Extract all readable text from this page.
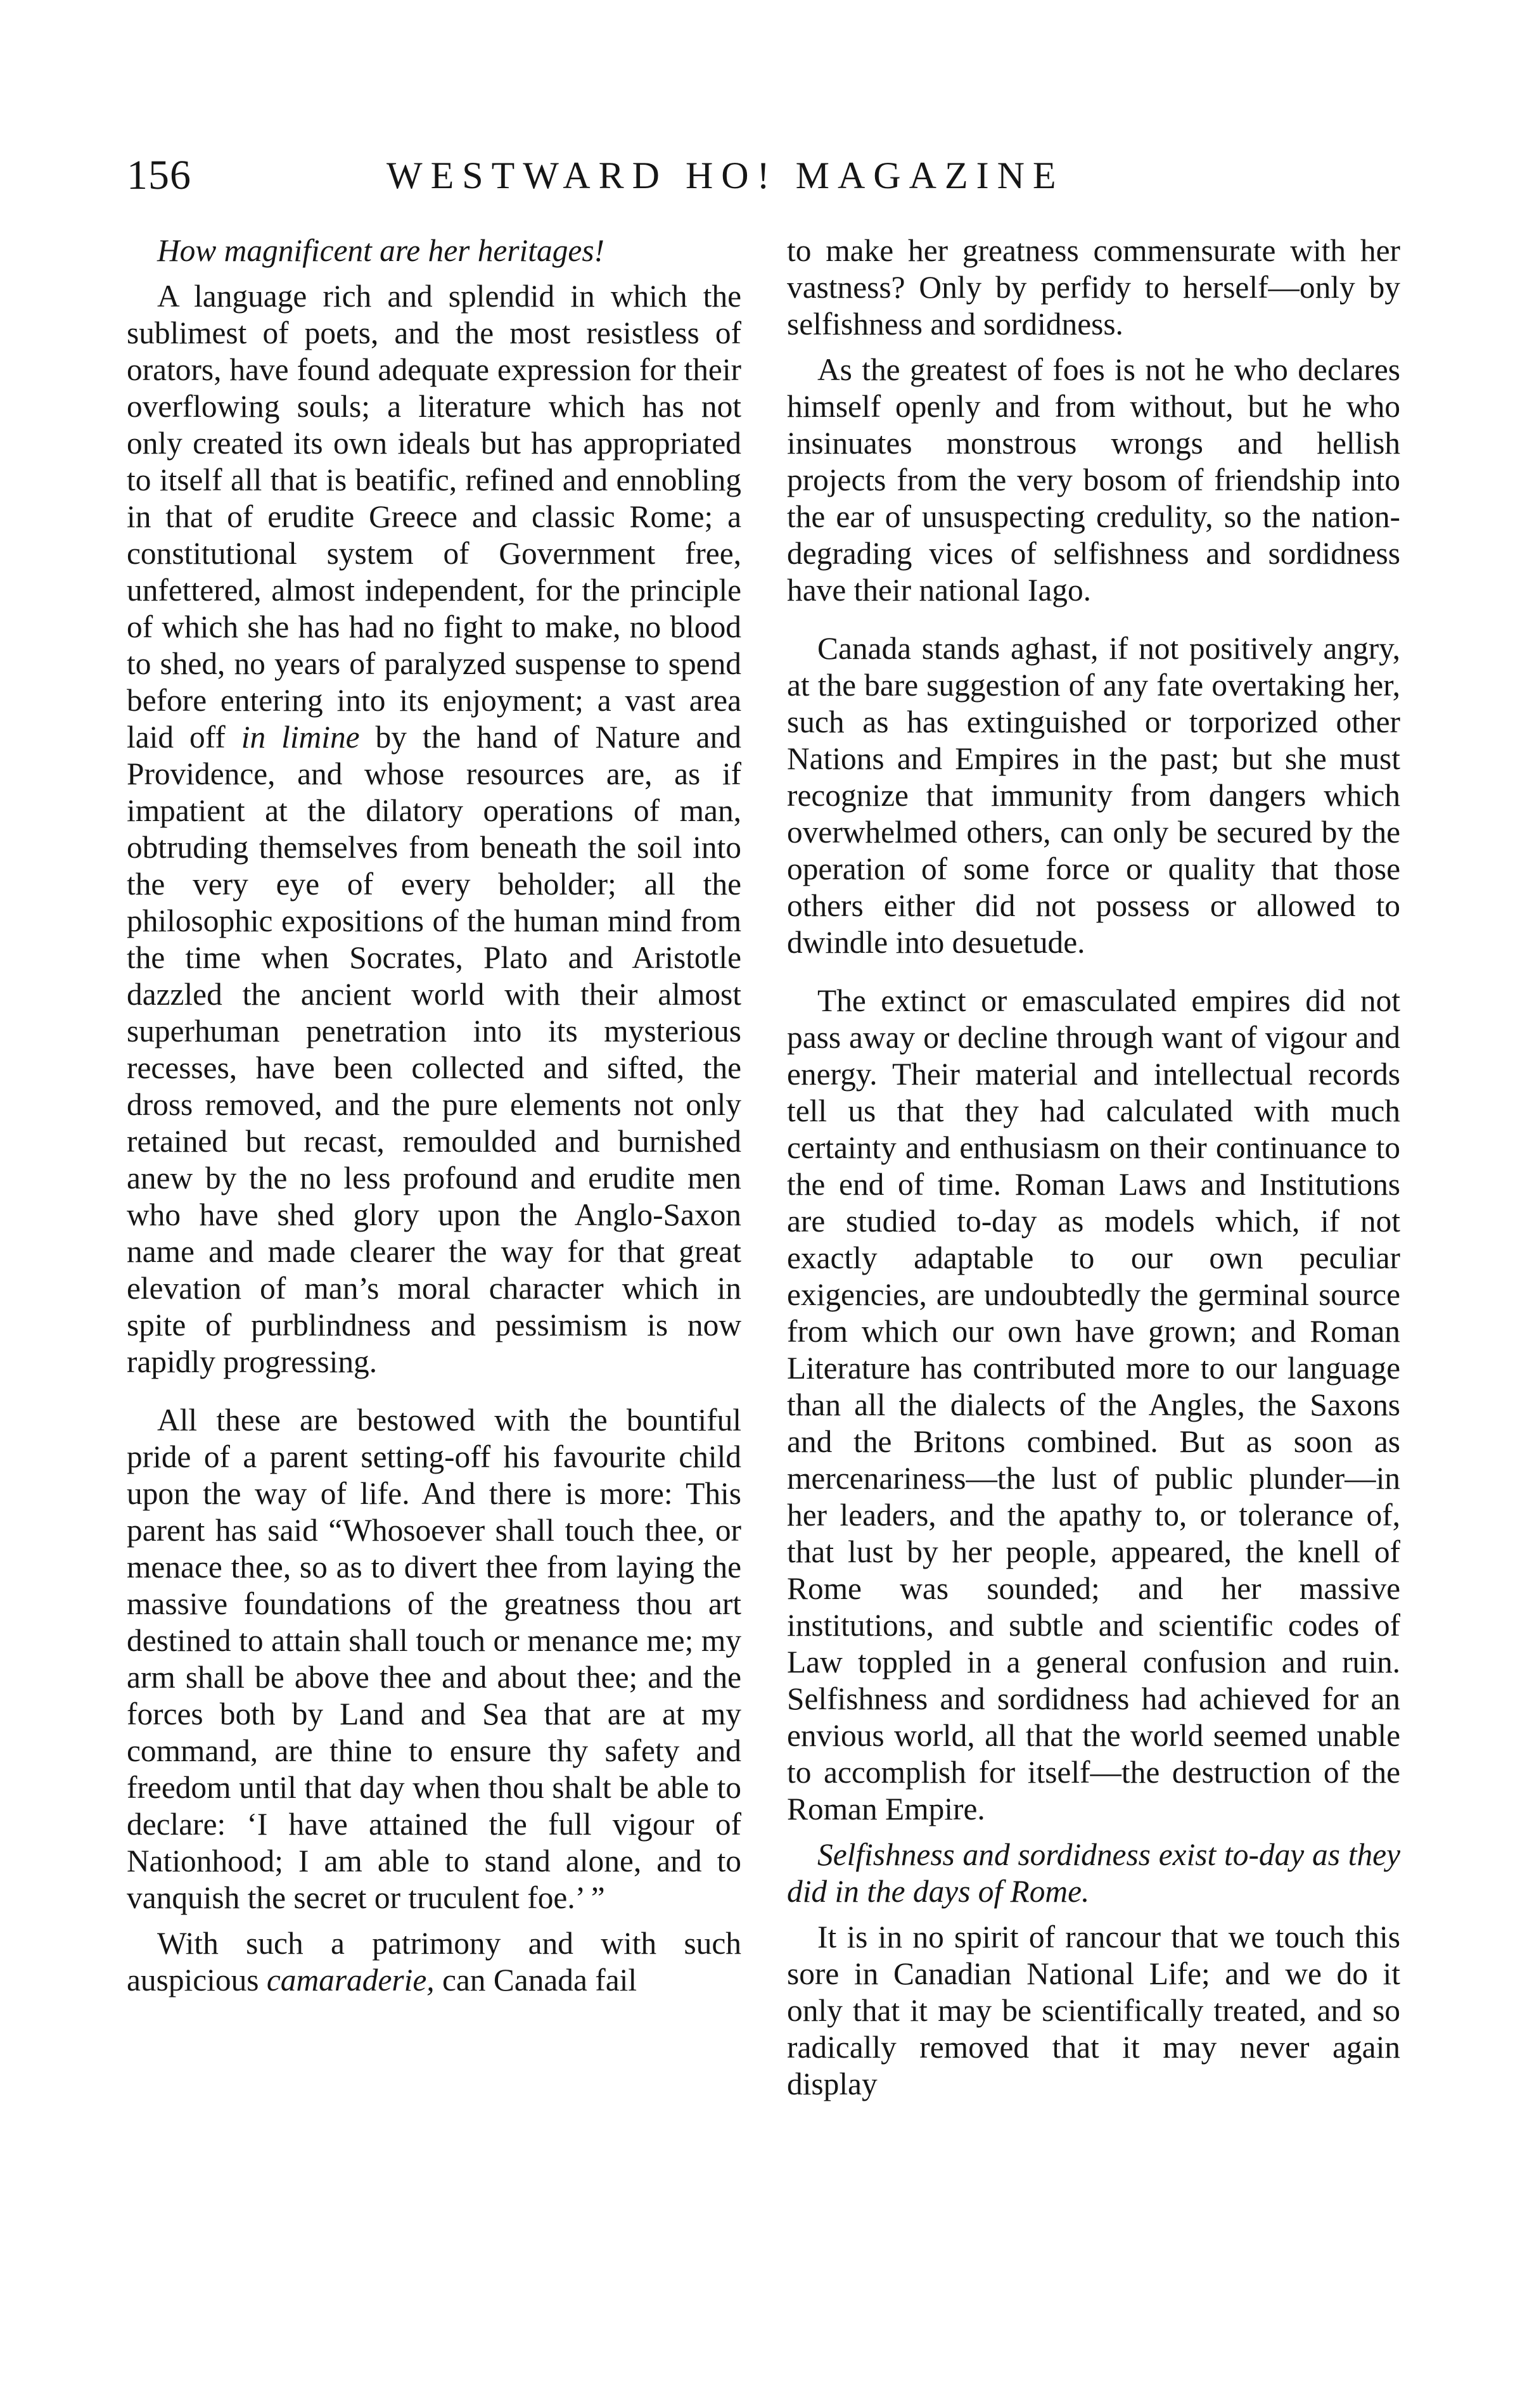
156	WESTWARD HO! MAGAZINE

How magnificent are her heritages!

A language rich and splendid in which the sublimest of poets, and the most resistless of orators, have found adequate expression for their overflowing souls; a literature which has not only created its own ideals but has appropriated to itself all that is beatific, refined and ennobling in that of erudite Greece and classic Rome; a constitutional system of Government free, unfettered, almost independent, for the principle of which she has had no fight to make, no blood to shed, no years of paralyzed suspense to spend before entering into its enjoyment; a vast area laid off in limine by the hand of Nature and Providence, and whose resources are, as if impatient at the dilatory operations of man, obtruding themselves from beneath the soil into the very eye of every beholder; all the philosophic expositions of the human mind from the time when Socrates, Plato and Aristotle dazzled the ancient world with their almost superhuman penetration into its mysterious recesses, have been collected and sifted, the dross removed, and the pure elements not only retained but recast, remoulded and burnished anew by the no less profound and erudite men who have shed glory upon the Anglo-Saxon name and made clearer the way for that great elevation of man’s moral character which in spite of purblindness and pessimism is now rapidly progressing.

All these are bestowed with the bountiful pride of a parent setting-off his favourite child upon the way of life. And there is more: This parent has said “Whosoever shall touch thee, or menace thee, so as to divert thee from laying the massive foundations of the greatness thou art destined to attain shall touch or menance me; my arm shall be above thee and about thee; and the forces both by Land and Sea that are at my command, are thine to ensure thy safety and freedom until that day when thou shalt be able to declare: ‘I have attained the full vigour of Nationhood; I am able to stand alone, and to vanquish the secret or truculent foe.’ ”

With such a patrimony and with such auspicious camaraderie, can Canada fail

to make her greatness commensurate with her vastness? Only by perfidy to herself—only by selfishness and sordidness.

As the greatest of foes is not he who declares himself openly and from without, but he who insinuates monstrous wrongs and hellish projects from the very bosom of friendship into the ear of unsuspecting credulity, so the nation-degrading vices of selfishness and sordidness have their national Iago.

Canada stands aghast, if not positively angry, at the bare suggestion of any fate overtaking her, such as has extinguished or torporized other Nations and Empires in the past; but she must recognize that immunity from dangers which overwhelmed others, can only be secured by the operation of some force or quality that those others either did not possess or allowed to dwindle into desuetude.

The extinct or emasculated empires did not pass away or decline through want of vigour and energy. Their material and intellectual records tell us that they had calculated with much certainty and enthusiasm on their continuance to the end of time. Roman Laws and Institutions are studied to-day as models which, if not exactly adaptable to our own peculiar exigencies, are undoubtedly the germinal source from which our own have grown; and Roman Literature has contributed more to our language than all the dialects of the Angles, the Saxons and the Britons combined. But as soon as mercenariness—the lust of public plunder—in her leaders, and the apathy to, or tolerance of, that lust by her people, appeared, the knell of Rome was sounded; and her massive institutions, and subtle and scientific codes of Law toppled in a general confusion and ruin. Selfishness and sordidness had achieved for an envious world, all that the world seemed unable to accomplish for itself—the destruction of the Roman Empire.

Selfishness and sordidness exist to-day as they did in the days of Rome.

It is in no spirit of rancour that we touch this sore in Canadian National Life; and we do it only that it may be scientifically treated, and so radically removed that it may never again display
